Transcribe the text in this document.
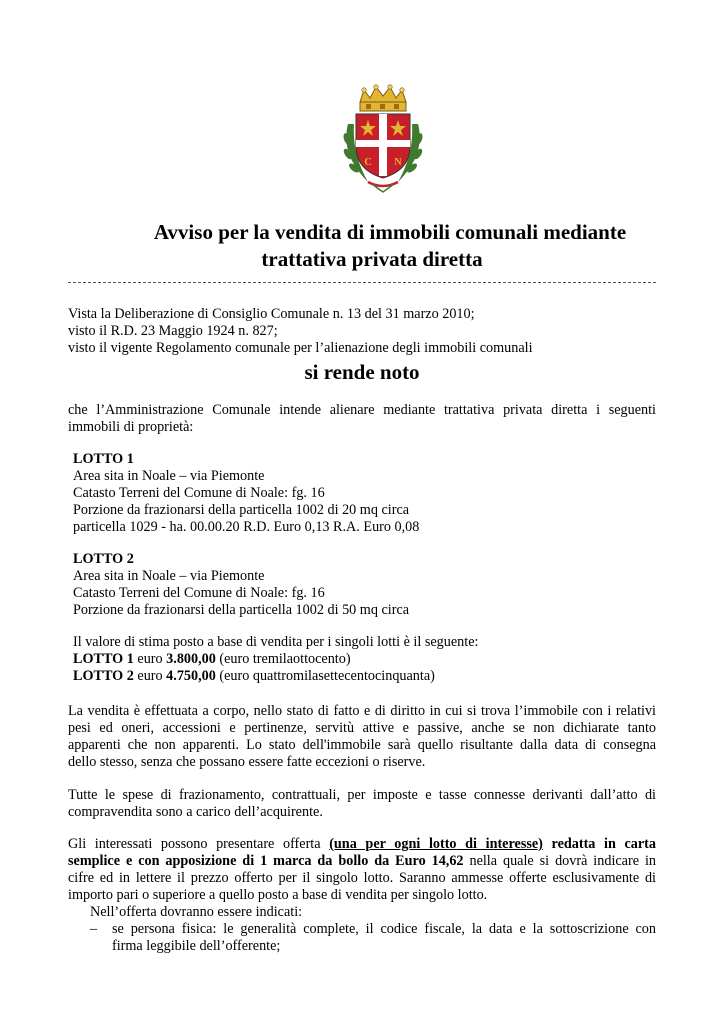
C N
Avviso per la vendita di immobili comunali mediante
trattativa privata diretta
Vista la Deliberazione di Consiglio Comunale n. 13 del 31 marzo 2010;
visto il R.D. 23 Maggio 1924 n. 827;
visto il vigente Regolamento comunale per l’alienazione degli immobili comunali
si rende noto
che l’Amministrazione Comunale intende alienare mediante trattativa privata diretta i seguenti
immobili di proprietà:
LOTTO 1
Area sita in Noale – via Piemonte
Catasto Terreni del Comune di Noale: fg. 16
Porzione da frazionarsi della particella 1002 di 20 mq circa
particella 1029 - ha. 00.00.20 R.D. Euro 0,13 R.A. Euro 0,08
LOTTO 2
Area sita in Noale – via Piemonte
Catasto Terreni del Comune di Noale: fg. 16
Porzione da frazionarsi della particella 1002 di 50 mq circa
Il valore di stima posto a base di vendita per i singoli lotti è il seguente:
LOTTO 1 euro 3.800,00 (euro tremilaottocento)
LOTTO 2 euro 4.750,00 (euro quattromilasettecentocinquanta)
La vendita è effettuata a corpo, nello stato di fatto e di diritto in cui si trova l’immobile con i relativi
pesi ed oneri, accessioni e pertinenze, servitù attive e passive, anche se non dichiarate tanto
apparenti che non apparenti. Lo stato dell'immobile sarà quello risultante dalla data di consegna
dello stesso, senza che possano essere fatte eccezioni o riserve.
Tutte le spese di frazionamento, contrattuali, per imposte e tasse connesse derivanti dall’atto di
compravendita sono a carico dell’acquirente.
Gli interessati possono presentare offerta (una per ogni lotto di interesse) redatta in carta
semplice e con apposizione di 1 marca da bollo da Euro 14,62 nella quale si dovrà indicare in
cifre ed in lettere il prezzo offerto per il singolo lotto. Saranno ammesse offerte esclusivamente di
importo pari o superiore a quello posto a base di vendita per singolo lotto.
Nell’offerta dovranno essere indicati:
– se persona fisica: le generalità complete, il codice fiscale, la data e la sottoscrizione con
firma leggibile dell’offerente;
